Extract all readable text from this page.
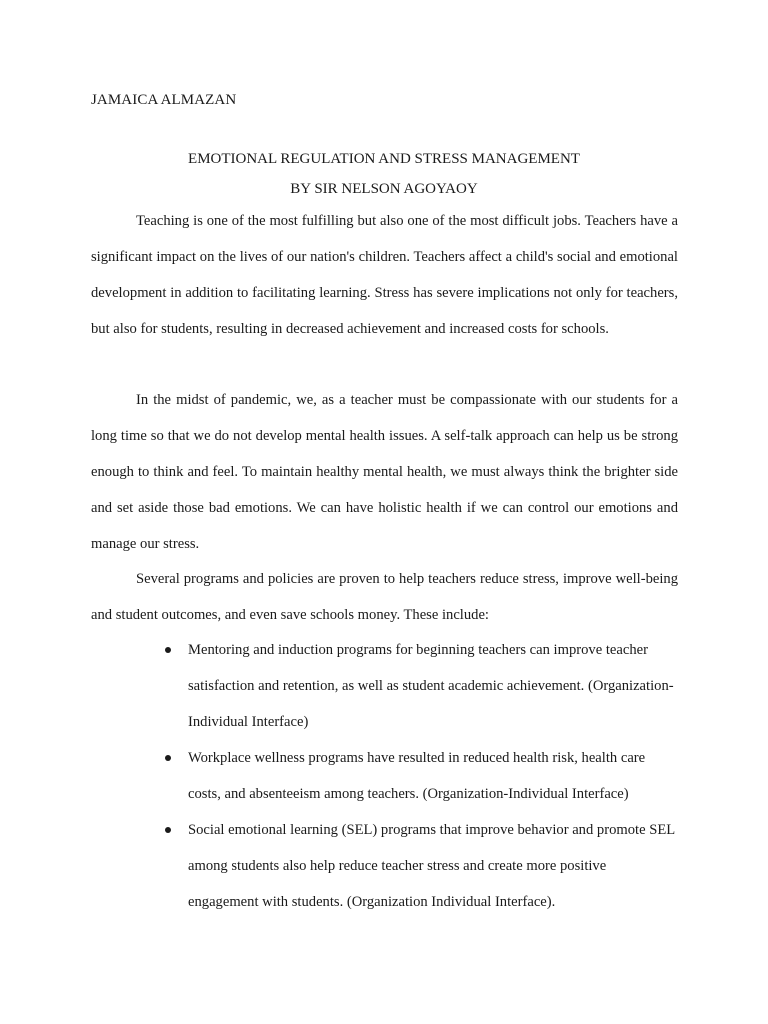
JAMAICA ALMAZAN
EMOTIONAL REGULATION AND STRESS MANAGEMENT
BY SIR NELSON AGOYAOY

Teaching is one of the most fulfilling but also one of the most difficult jobs. Teachers have a significant impact on the lives of our nation's children. Teachers affect a child's social and emotional development in addition to facilitating learning. Stress has severe implications not only for teachers, but also for students, resulting in decreased achievement and increased costs for schools.

In the midst of pandemic, we, as a teacher must be compassionate with our students for a long time so that we do not develop mental health issues. A self-talk approach can help us be strong enough to think and feel. To maintain healthy mental health, we must always think the brighter side and set aside those bad emotions. We can have holistic health if we can control our emotions and manage our stress.

Several programs and policies are proven to help teachers reduce stress, improve well-being and student outcomes, and even save schools money. These include:

Mentoring and induction programs for beginning teachers can improve teacher satisfaction and retention, as well as student academic achievement. (Organization-Individual Interface)
Workplace wellness programs have resulted in reduced health risk, health care costs, and absenteeism among teachers. (Organization-Individual Interface)
Social emotional learning (SEL) programs that improve behavior and promote SEL among students also help reduce teacher stress and create more positive engagement with students. (Organization Individual Interface).
